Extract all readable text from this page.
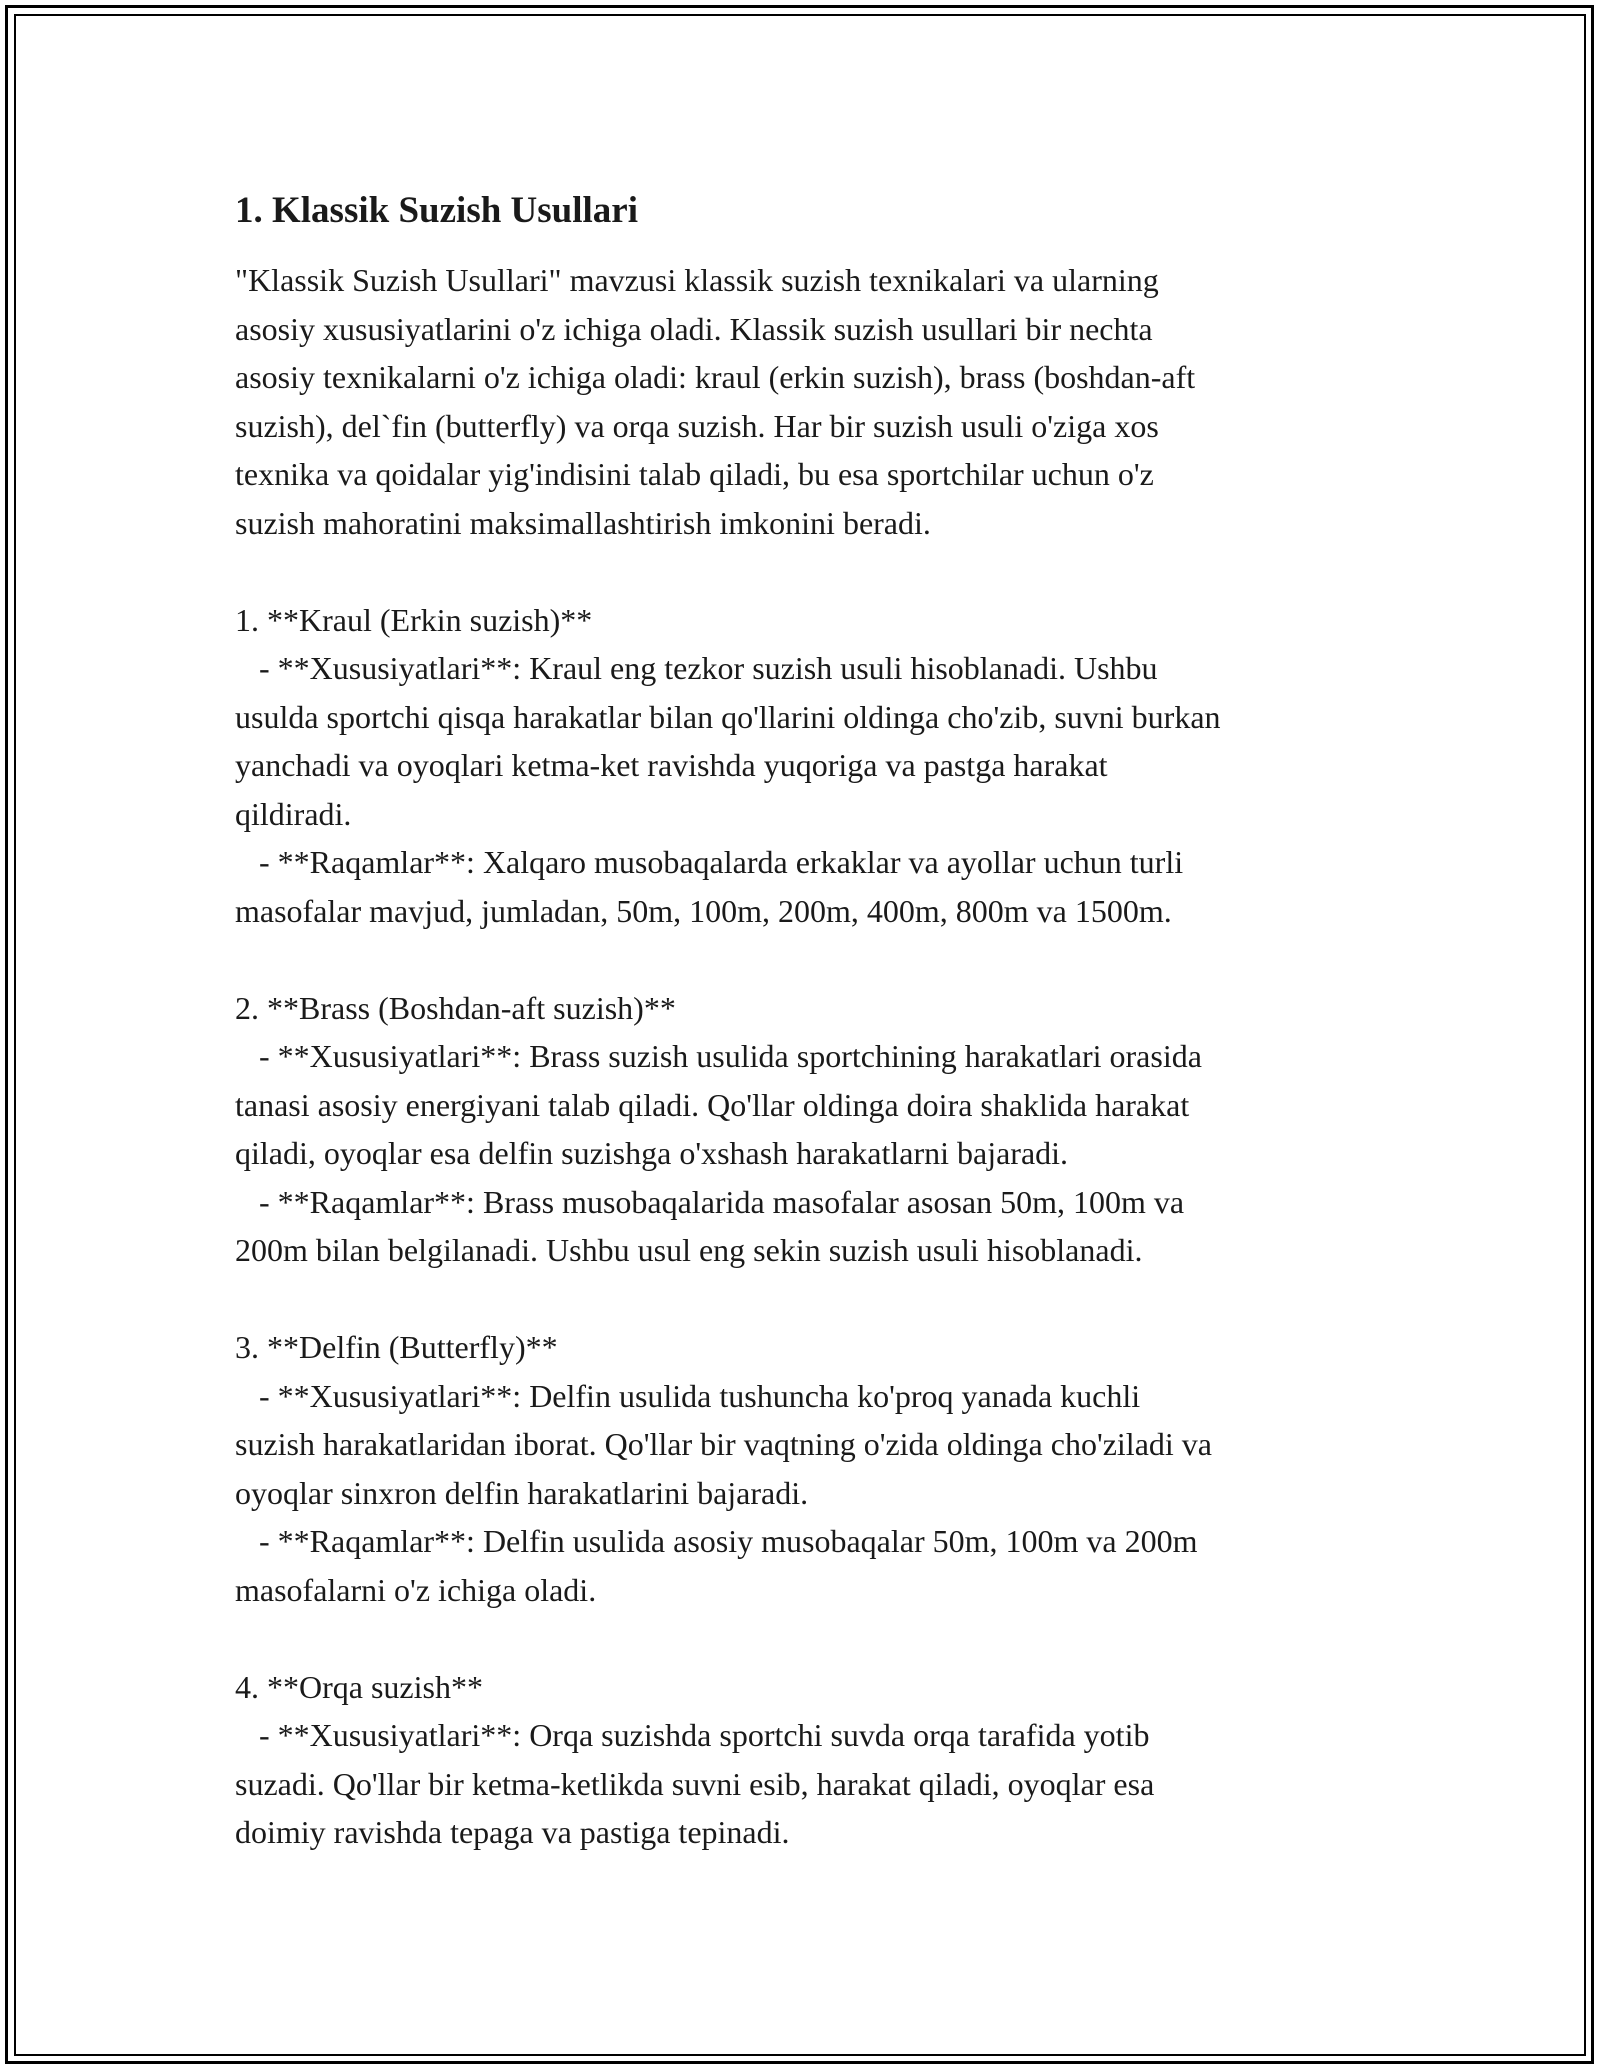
1. Klassik Suzish Usullari

"Klassik Suzish Usullari" mavzusi klassik suzish texnikalari va ularning
asosiy xususiyatlarini o'z ichiga oladi. Klassik suzish usullari bir nechta
asosiy texnikalarni o'z ichiga oladi: kraul (erkin suzish), brass (boshdan-aft
suzish), del`fin (butterfly) va orqa suzish. Har bir suzish usuli o'ziga xos
texnika va qoidalar yig'indisini talab qiladi, bu esa sportchilar uchun o'z
suzish mahoratini maksimallashtirish imkonini beradi.

1. **Kraul (Erkin suzish)**
- **Xususiyatlari**: Kraul eng tezkor suzish usuli hisoblanadi. Ushbu
usulda sportchi qisqa harakatlar bilan qo'llarini oldinga cho'zib, suvni burkan
yanchadi va oyoqlari ketma-ket ravishda yuqoriga va pastga harakat
qildiradi.
- **Raqamlar**: Xalqaro musobaqalarda erkaklar va ayollar uchun turli
masofalar mavjud, jumladan, 50m, 100m, 200m, 400m, 800m va 1500m.

2. **Brass (Boshdan-aft suzish)**
- **Xususiyatlari**: Brass suzish usulida sportchining harakatlari orasida
tanasi asosiy energiyani talab qiladi. Qo'llar oldinga doira shaklida harakat
qiladi, oyoqlar esa delfin suzishga o'xshash harakatlarni bajaradi.
- **Raqamlar**: Brass musobaqalarida masofalar asosan 50m, 100m va
200m bilan belgilanadi. Ushbu usul eng sekin suzish usuli hisoblanadi.

3. **Delfin (Butterfly)**
- **Xususiyatlari**: Delfin usulida tushuncha ko'proq yanada kuchli
suzish harakatlaridan iborat. Qo'llar bir vaqtning o'zida oldinga cho'ziladi va
oyoqlar sinxron delfin harakatlarini bajaradi.
- **Raqamlar**: Delfin usulida asosiy musobaqalar 50m, 100m va 200m
masofalarni o'z ichiga oladi.

4. **Orqa suzish**
- **Xususiyatlari**: Orqa suzishda sportchi suvda orqa tarafida yotib
suzadi. Qo'llar bir ketma-ketlikda suvni esib, harakat qiladi, oyoqlar esa
doimiy ravishda tepaga va pastiga tepinadi.
